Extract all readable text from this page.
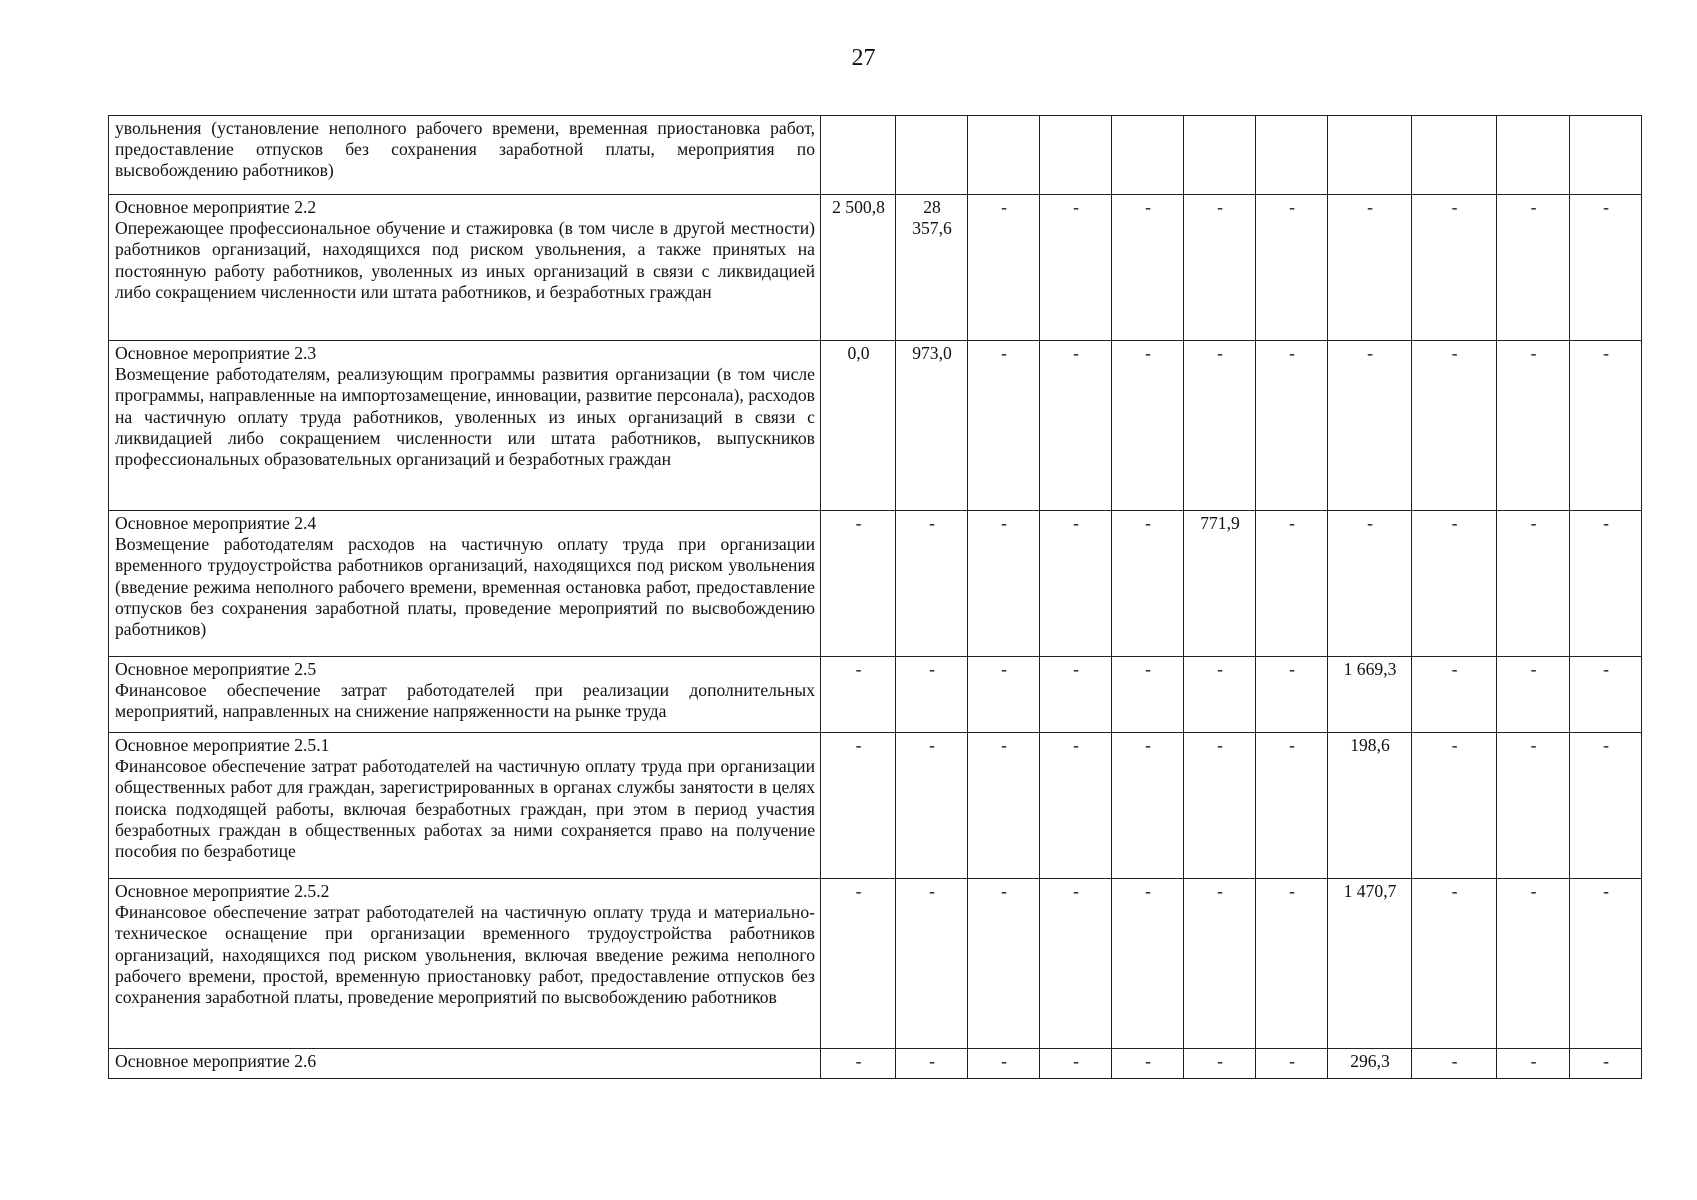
27
увольнения (установление неполного рабочего времени, временная приостановка работ, предоставление отпусков без сохранения заработной платы, мероприятия по высвобождению работников)											

Основное мероприятие 2.2
Опережающее профессиональное обучение и стажировка (в том числе в другой местности) работников организаций, находящихся под риском увольнения, а также принятых на постоянную работу работников, уволенных из иных организаций в связи с ликвидацией либо сокращением численности или штата работников, и безработных граждан	2 500,8	28 357,6	-	-	-	-	-	-	-	-	-

Основное мероприятие 2.3
Возмещение работодателям, реализующим программы развития организации (в том числе программы, направленные на импортозамещение, инновации, развитие персонала), расходов на частичную оплату труда работников, уволенных из иных организаций в связи с ликвидацией либо сокращением численности или штата работников, выпускников профессиональных образовательных организаций и безработных граждан	0,0	973,0	-	-	-	-	-	-	-	-	-

Основное мероприятие 2.4
Возмещение работодателям расходов на частичную оплату труда при организации временного трудоустройства работников организаций, находящихся под риском увольнения (введение режима неполного рабочего времени, временная остановка работ, предоставление отпусков без сохранения заработной платы, проведение мероприятий по высвобождению работников)	-	-	-	-	-	771,9	-	-	-	-	-

Основное мероприятие 2.5
Финансовое обеспечение затрат работодателей при реализации дополнительных мероприятий, направленных на снижение напряженности на рынке труда	-	-	-	-	-	-	-	1 669,3	-	-	-

Основное мероприятие 2.5.1
Финансовое обеспечение затрат работодателей на частичную оплату труда при организации общественных работ для граждан, зарегистрированных в органах службы занятости в целях поиска подходящей работы, включая безработных граждан, при этом в период участия безработных граждан в общественных работах за ними сохраняется право на получение пособия по безработице	-	-	-	-	-	-	-	198,6	-	-	-

Основное мероприятие 2.5.2
Финансовое обеспечение затрат работодателей на частичную оплату труда и материально-техническое оснащение при организации временного трудоустройства работников организаций, находящихся под риском увольнения, включая введение режима неполного рабочего времени, простой, временную приостановку работ, предоставление отпусков без сохранения заработной платы, проведение мероприятий по высвобождению работников	-	-	-	-	-	-	-	1 470,7	-	-	-

Основное мероприятие 2.6	-	-	-	-	-	-	-	296,3	-	-	-
